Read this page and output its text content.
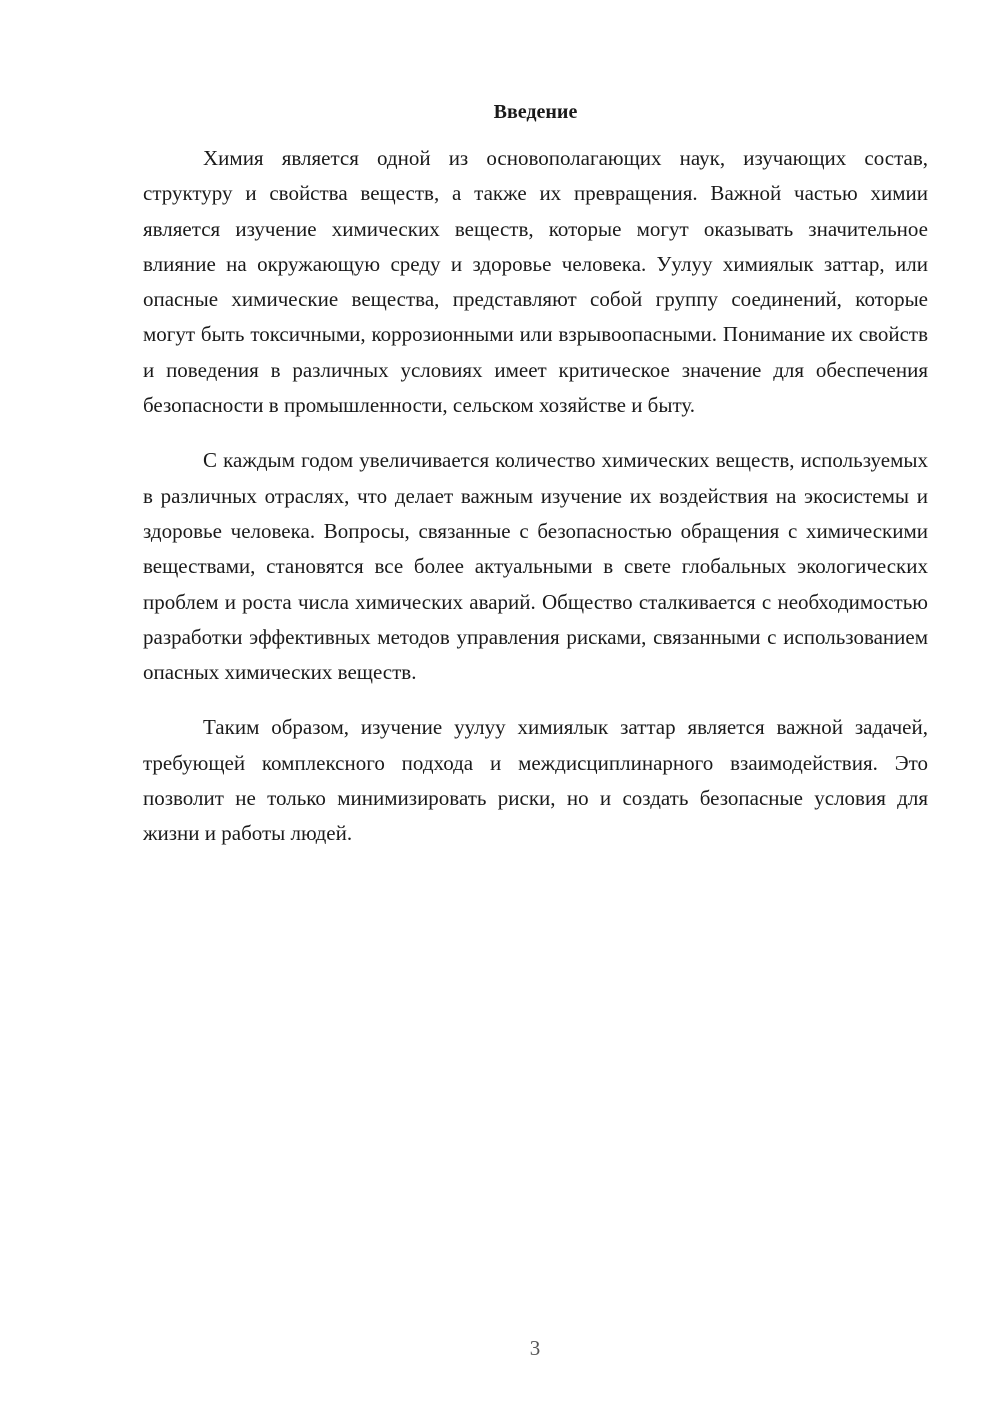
Введение

Химия является одной из основополагающих наук, изучающих состав, структуру и свойства веществ, а также их превращения. Важной частью химии является изучение химических веществ, которые могут оказывать значительное влияние на окружающую среду и здоровье человека. Уулуу химиялык заттар, или опасные химические вещества, представляют собой группу соединений, которые могут быть токсичными, коррозионными или взрывоопасными. Понимание их свойств и поведения в различных условиях имеет критическое значение для обеспечения безопасности в промышленности, сельском хозяйстве и быту.

С каждым годом увеличивается количество химических веществ, используемых в различных отраслях, что делает важным изучение их воздействия на экосистемы и здоровье человека. Вопросы, связанные с безопасностью обращения с химическими веществами, становятся все более актуальными в свете глобальных экологических проблем и роста числа химических аварий. Общество сталкивается с необходимостью разработки эффективных методов управления рисками, связанными с использованием опасных химических веществ.

Таким образом, изучение уулуу химиялык заттар является важной задачей, требующей комплексного подхода и междисциплинарного взаимодействия. Это позволит не только минимизировать риски, но и создать безопасные условия для жизни и работы людей.

3
